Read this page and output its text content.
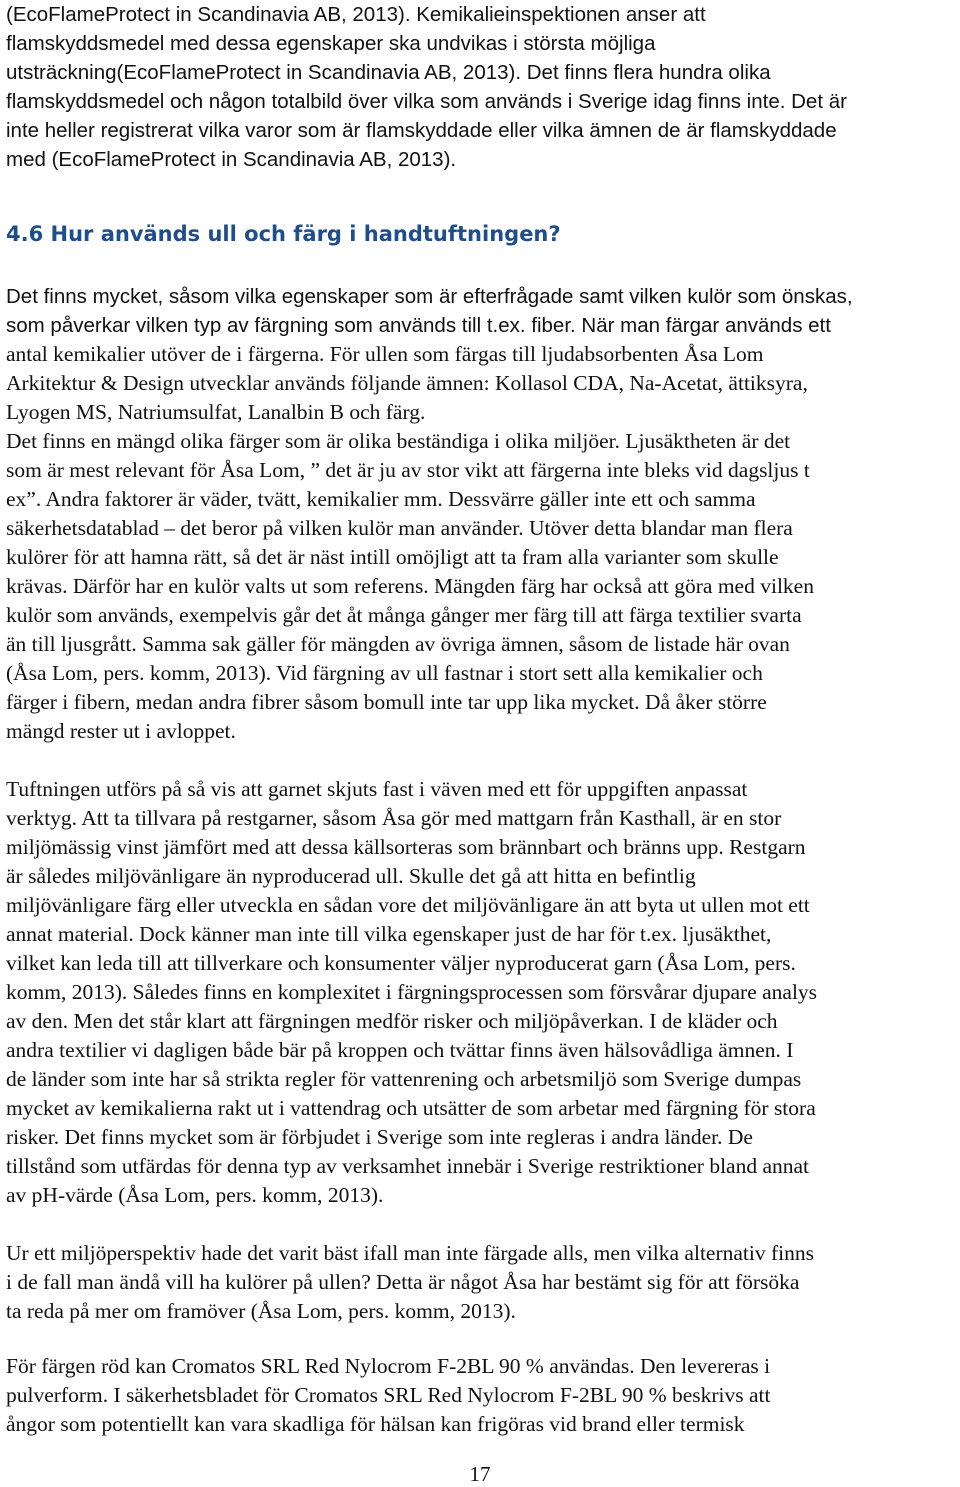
(EcoFlameProtect in Scandinavia AB, 2013). Kemikalieinspektionen anser att
flamskyddsmedel med dessa egenskaper ska undvikas i största möjliga
utsträckning(EcoFlameProtect in Scandinavia AB, 2013). Det finns flera hundra olika
flamskyddsmedel och någon totalbild över vilka som används i Sverige idag finns inte. Det är
inte heller registrerat vilka varor som är flamskyddade eller vilka ämnen de är flamskyddade
med (EcoFlameProtect in Scandinavia AB, 2013).
4.6 Hur används ull och färg i handtuftningen?
Det finns mycket, såsom vilka egenskaper som är efterfrågade samt vilken kulör som önskas,
som påverkar vilken typ av färgning som används till t.ex. fiber. När man färgar används ett
antal kemikalier utöver de i färgerna. För ullen som färgas till ljudabsorbenten Åsa Lom
Arkitektur & Design utvecklar används följande ämnen: Kollasol CDA, Na-Acetat, ättiksyra,
Lyogen MS, Natriumsulfat, Lanalbin B och färg.
Det finns en mängd olika färger som är olika beständiga i olika miljöer. Ljusäktheten är det
som är mest relevant för Åsa Lom, ” det är ju av stor vikt att färgerna inte bleks vid dagsljus t
ex”. Andra faktorer är väder, tvätt, kemikalier mm. Dessvärre gäller inte ett och samma
säkerhetsdatablad – det beror på vilken kulör man använder. Utöver detta blandar man flera
kulörer för att hamna rätt, så det är näst intill omöjligt att ta fram alla varianter som skulle
krävas. Därför har en kulör valts ut som referens. Mängden färg har också att göra med vilken
kulör som används, exempelvis går det åt många gånger mer färg till att färga textilier svarta
än till ljusgrått. Samma sak gäller för mängden av övriga ämnen, såsom de listade här ovan
(Åsa Lom, pers. komm, 2013). Vid färgning av ull fastnar i stort sett alla kemikalier och
färger i fibern, medan andra fibrer såsom bomull inte tar upp lika mycket. Då åker större
mängd rester ut i avloppet.
Tuftningen utförs på så vis att garnet skjuts fast i väven med ett för uppgiften anpassat
verktyg. Att ta tillvara på restgarner, såsom Åsa gör med mattgarn från Kasthall, är en stor
miljömässig vinst jämfört med att dessa källsorteras som brännbart och bränns upp. Restgarn
är således miljövänligare än nyproducerad ull. Skulle det gå att hitta en befintlig
miljövänligare färg eller utveckla en sådan vore det miljövänligare än att byta ut ullen mot ett
annat material. Dock känner man inte till vilka egenskaper just de har för t.ex. ljusäkthet,
vilket kan leda till att tillverkare och konsumenter väljer nyproducerat garn (Åsa Lom, pers.
komm, 2013). Således finns en komplexitet i färgningsprocessen som försvårar djupare analys
av den. Men det står klart att färgningen medför risker och miljöpåverkan. I de kläder och
andra textilier vi dagligen både bär på kroppen och tvättar finns även hälsovådliga ämnen. I
de länder som inte har så strikta regler för vattenrening och arbetsmiljö som Sverige dumpas
mycket av kemikalierna rakt ut i vattendrag och utsätter de som arbetar med färgning för stora
risker. Det finns mycket som är förbjudet i Sverige som inte regleras i andra länder. De
tillstånd som utfärdas för denna typ av verksamhet innebär i Sverige restriktioner bland annat
av pH-värde (Åsa Lom, pers. komm, 2013).
Ur ett miljöperspektiv hade det varit bäst ifall man inte färgade alls, men vilka alternativ finns
i de fall man ändå vill ha kulörer på ullen? Detta är något Åsa har bestämt sig för att försöka
ta reda på mer om framöver (Åsa Lom, pers. komm, 2013).
För färgen röd kan Cromatos SRL Red Nylocrom F-2BL 90 % användas. Den levereras i
pulverform. I säkerhetsbladet för Cromatos SRL Red Nylocrom F-2BL 90 % beskrivs att
ångor som potentiellt kan vara skadliga för hälsan kan frigöras vid brand eller termisk
17
